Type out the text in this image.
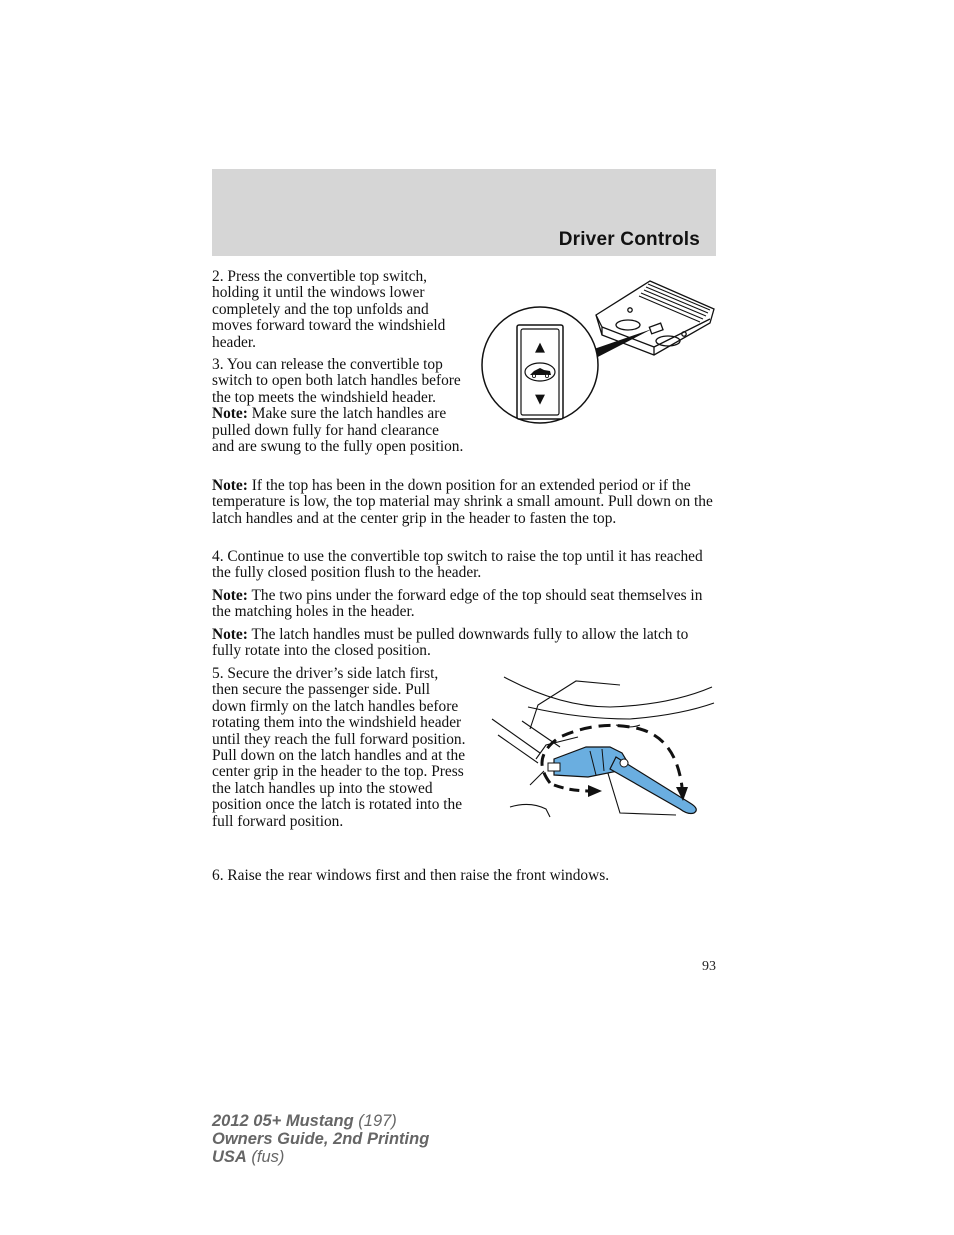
Driver Controls

2. Press the convertible top switch, holding it until the windows lower completely and the top unfolds and moves forward toward the windshield header.

3. You can release the convertible top switch to open both latch handles before the top meets the windshield header. Note: Make sure the latch handles are pulled down fully for hand clearance and are swung to the fully open position.

Note: If the top has been in the down position for an extended period or if the temperature is low, the top material may shrink a small amount. Pull down on the latch handles and at the center grip in the header to fasten the top.

4. Continue to use the convertible top switch to raise the top until it has reached the fully closed position flush to the header.

Note: The two pins under the forward edge of the top should seat themselves in the matching holes in the header.

Note: The latch handles must be pulled downwards fully to allow the latch to fully rotate into the closed position.

5. Secure the driver’s side latch first, then secure the passenger side. Pull down firmly on the latch handles before rotating them into the windshield header until they reach the full forward position. Pull down on the latch handles and at the center grip in the header to the top. Press the latch handles up into the stowed position once the latch is rotated into the full forward position.

6. Raise the rear windows first and then raise the front windows.

▲
▼
93
2012 05+ Mustang (197)
Owners Guide, 2nd Printing
USA (fus)
